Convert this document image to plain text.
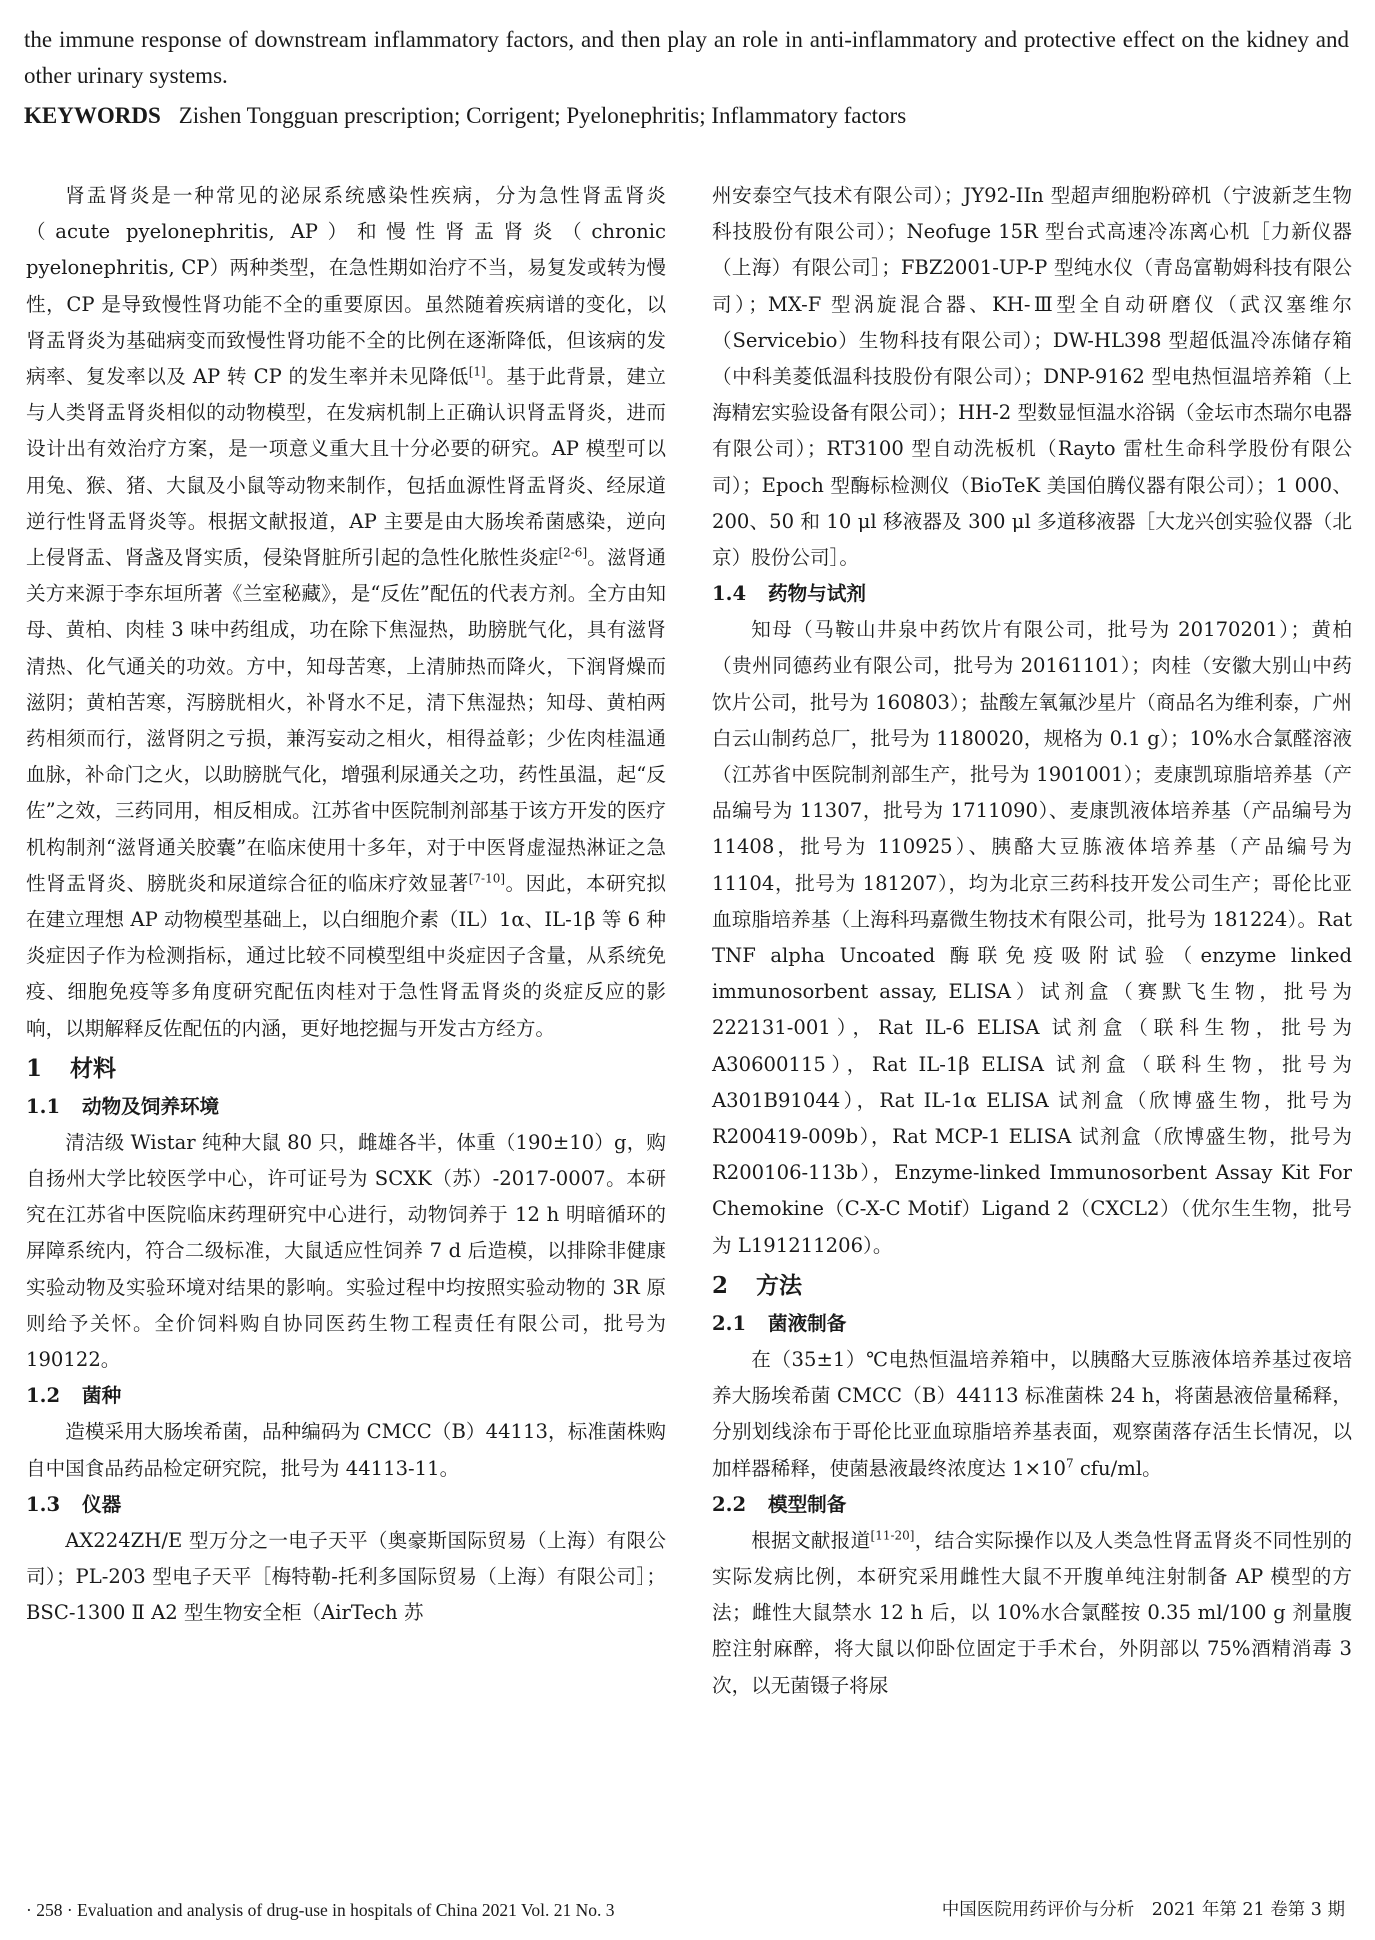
the immune response of downstream inflammatory factors, and then play an role in anti-inflammatory and protective effect on the kidney and other urinary systems.
KEYWORDS Zishen Tongguan prescription; Corrigent; Pyelonephritis; Inflammatory factors

肾盂肾炎是一种常见的泌尿系统感染性疾病，分为急性肾盂肾炎（acute pyelonephritis, AP）和慢性肾盂肾炎（chronic pyelonephritis, CP）两种类型，在急性期如治疗不当，易复发或转为慢性，CP 是导致慢性肾功能不全的重要原因。虽然随着疾病谱的变化，以肾盂肾炎为基础病变而致慢性肾功能不全的比例在逐渐降低，但该病的发病率、复发率以及 AP 转 CP 的发生率并未见降低[1]。基于此背景，建立与人类肾盂肾炎相似的动物模型，在发病机制上正确认识肾盂肾炎，进而设计出有效治疗方案，是一项意义重大且十分必要的研究。AP 模型可以用兔、猴、猪、大鼠及小鼠等动物来制作，包括血源性肾盂肾炎、经尿道逆行性肾盂肾炎等。根据文献报道，AP 主要是由大肠埃希菌感染，逆向上侵肾盂、肾盏及肾实质，侵染肾脏所引起的急性化脓性炎症[2-6]。滋肾通关方来源于李东垣所著《兰室秘藏》，是“反佐”配伍的代表方剂。全方由知母、黄柏、肉桂 3 味中药组成，功在除下焦湿热，助膀胱气化，具有滋肾清热、化气通关的功效。方中，知母苦寒，上清肺热而降火，下润肾燥而滋阴；黄柏苦寒，泻膀胱相火，补肾水不足，清下焦湿热；知母、黄柏两药相须而行，滋肾阴之亏损，兼泻妄动之相火，相得益彰；少佐肉桂温通血脉，补命门之火，以助膀胱气化，增强利尿通关之功，药性虽温，起“反佐”之效，三药同用，相反相成。江苏省中医院制剂部基于该方开发的医疗机构制剂“滋肾通关胶囊”在临床使用十多年，对于中医肾虚湿热淋证之急性肾盂肾炎、膀胱炎和尿道综合征的临床疗效显著[7-10]。因此，本研究拟在建立理想 AP 动物模型基础上，以白细胞介素（IL）1α、IL-1β 等 6 种炎症因子作为检测指标，通过比较不同模型组中炎症因子含量，从系统免疫、细胞免疫等多角度研究配伍肉桂对于急性肾盂肾炎的炎症反应的影响，以期解释反佐配伍的内涵，更好地挖掘与开发古方经方。

1 材料
1.1 动物及饲养环境

清洁级 Wistar 纯种大鼠 80 只，雌雄各半，体重（190±10）g，购自扬州大学比较医学中心，许可证号为 SCXK（苏）-2017-0007。本研究在江苏省中医院临床药理研究中心进行，动物饲养于 12 h 明暗循环的屏障系统内，符合二级标准，大鼠适应性饲养 7 d 后造模，以排除非健康实验动物及实验环境对结果的影响。实验过程中均按照实验动物的 3R 原则给予关怀。全价饲料购自协同医药生物工程责任有限公司，批号为 190122。

1.2 菌种

造模采用大肠埃希菌，品种编码为 CMCC（B）44113，标准菌株购自中国食品药品检定研究院，批号为 44113-11。

1.3 仪器

AX224ZH/E 型万分之一电子天平（奥豪斯国际贸易（上海）有限公司）；PL-203 型电子天平［梅特勒-托利多国际贸易（上海）有限公司］；BSC-1300 Ⅱ A2 型生物安全柜（AirTech 苏

州安泰空气技术有限公司）；JY92-IIn 型超声细胞粉碎机（宁波新芝生物科技股份有限公司）；Neofuge 15R 型台式高速冷冻离心机［力新仪器（上海）有限公司］；FBZ2001-UP-P 型纯水仪（青岛富勒姆科技有限公司）；MX-F 型涡旋混合器、KH-Ⅲ型全自动研磨仪（武汉塞维尔（Servicebio）生物科技有限公司）；DW-HL398 型超低温冷冻储存箱（中科美菱低温科技股份有限公司）；DNP-9162 型电热恒温培养箱（上海精宏实验设备有限公司）；HH-2 型数显恒温水浴锅（金坛市杰瑞尔电器有限公司）；RT3100 型自动洗板机（Rayto 雷杜生命科学股份有限公司）；Epoch 型酶标检测仪（BioTeK 美国伯腾仪器有限公司）；1 000、200、50 和 10 μl 移液器及 300 μl 多道移液器［大龙兴创实验仪器（北京）股份公司］。

1.4 药物与试剂

知母（马鞍山井泉中药饮片有限公司，批号为 20170201）；黄柏（贵州同德药业有限公司，批号为 20161101）；肉桂（安徽大别山中药饮片公司，批号为 160803）；盐酸左氧氟沙星片（商品名为维利泰，广州白云山制药总厂，批号为 1180020，规格为 0.1 g）；10%水合氯醛溶液（江苏省中医院制剂部生产，批号为 1901001）；麦康凯琼脂培养基（产品编号为 11307，批号为 1711090）、麦康凯液体培养基（产品编号为 11408，批号为 110925）、胰酪大豆胨液体培养基（产品编号为 11104，批号为 181207），均为北京三药科技开发公司生产；哥伦比亚血琼脂培养基（上海科玛嘉微生物技术有限公司，批号为 181224）。Rat TNF alpha Uncoated 酶联免疫吸附试验（enzyme linked immunosorbent assay, ELISA）试剂盒（赛默飞生物，批号为 222131-001），Rat IL-6 ELISA 试剂盒（联科生物，批号为 A30600115），Rat IL-1β ELISA 试剂盒（联科生物，批号为 A301B91044），Rat IL-1α ELISA 试剂盒（欣博盛生物，批号为 R200419-009b），Rat MCP-1 ELISA 试剂盒（欣博盛生物，批号为 R200106-113b），Enzyme-linked Immunosorbent Assay Kit For Chemokine（C-X-C Motif）Ligand 2（CXCL2）（优尔生生物，批号为 L191211206）。

2 方法
2.1 菌液制备

在（35±1）℃电热恒温培养箱中，以胰酪大豆胨液体培养基过夜培养大肠埃希菌 CMCC（B）44113 标准菌株 24 h，将菌悬液倍量稀释，分别划线涂布于哥伦比亚血琼脂培养基表面，观察菌落存活生长情况，以加样器稀释，使菌悬液最终浓度达 $1\times 10^7$ cfu/ml。

2.2 模型制备

根据文献报道[11-20]，结合实际操作以及人类急性肾盂肾炎不同性别的实际发病比例，本研究采用雌性大鼠不开腹单纯注射制备 AP 模型的方法；雌性大鼠禁水 12 h 后，以 10%水合氯醛按 0.35 ml/100 g 剂量腹腔注射麻醉，将大鼠以仰卧位固定于手术台，外阴部以 75%酒精消毒 3 次，以无菌镊子将尿

· 258 · Evaluation and analysis of drug-use in hospitals of China 2021 Vol. 21 No. 3	中国医院用药评价与分析　2021 年第 21 卷第 3 期
